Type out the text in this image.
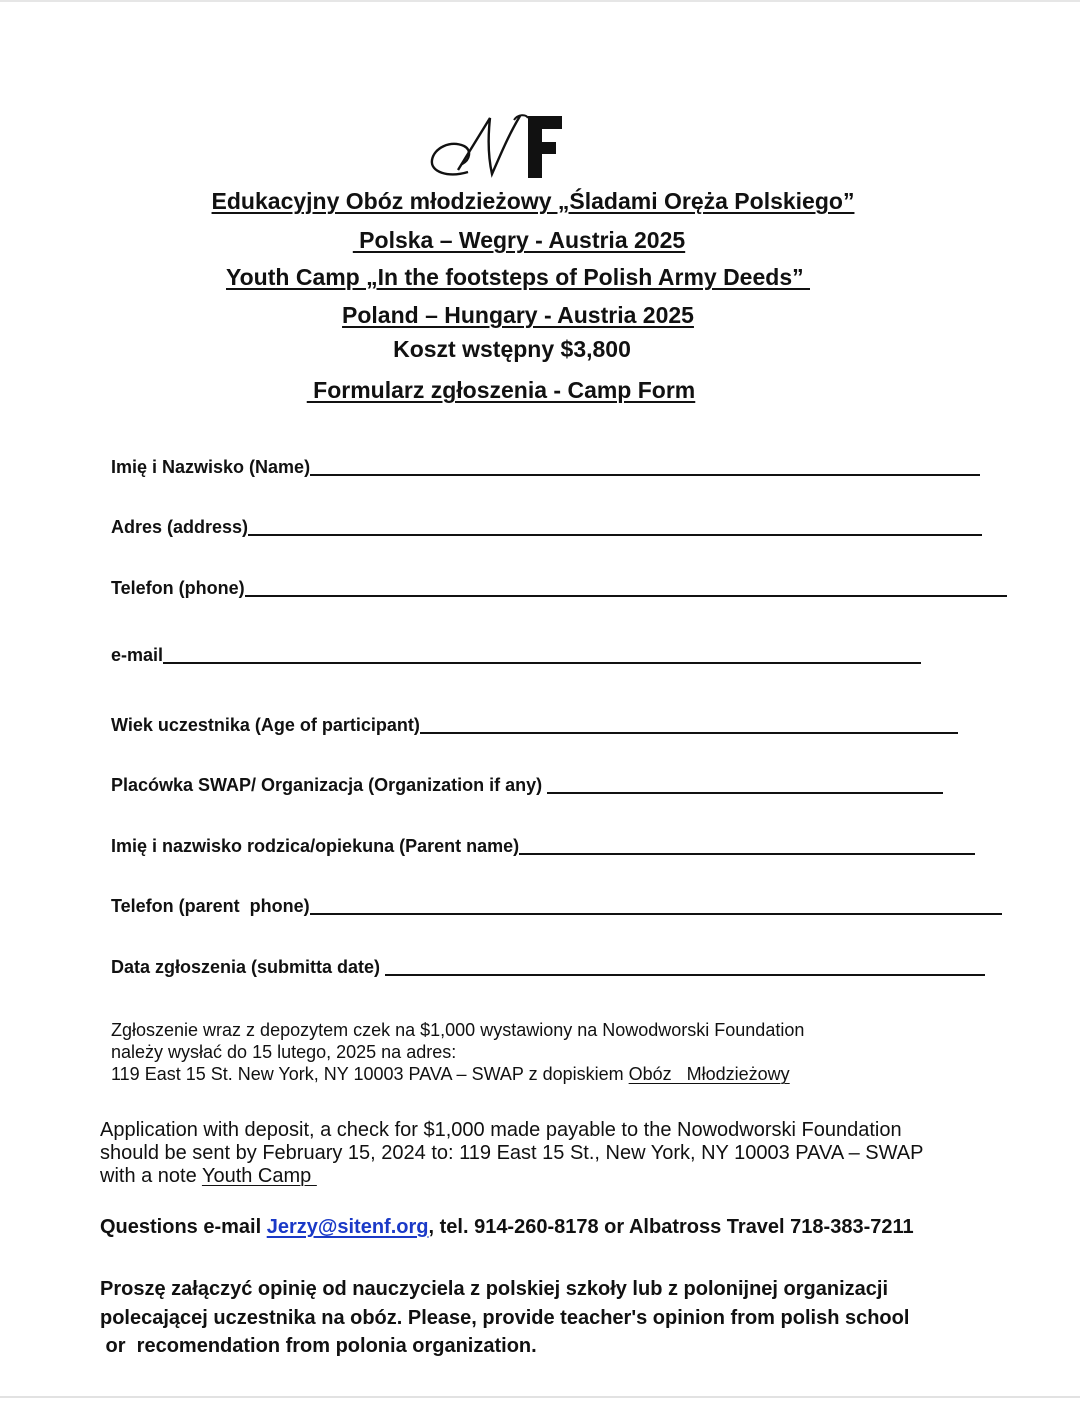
Edukacyjny Obóz młodzieżowy „Śladami Oręża Polskiego”
Polska – Wegry - Austria 2025
Youth Camp „In the footsteps of Polish Army Deeds”
Poland – Hungary - Austria 2025
Koszt wstępny $3,800
Formularz zgłoszenia - Camp Form
Imię i Nazwisko (Name)
Adres (address)
Telefon (phone)
e-mail
Wiek uczestnika (Age of participant)
Placówka SWAP/ Organizacja (Organization if any)
Imię i nazwisko rodzica/opiekuna (Parent name)
Telefon (parent  phone)
Data zgłoszenia (submitta date)
Zgłoszenie wraz z depozytem czek na $1,000 wystawiony na Nowodworski Foundation
należy wysłać do 15 lutego, 2025 na adres:
119 East 15 St. New York, NY 10003 PAVA – SWAP z dopiskiem Obóz   Młodzieżowy
Application with deposit, a check for $1,000 made payable to the Nowodworski Foundation
should be sent by February 15, 2024 to: 119 East 15 St., New York, NY 10003 PAVA – SWAP
with a note Youth Camp
Questions e-mail Jerzy@sitenf.org, tel. 914-260-8178 or Albatross Travel 718-383-7211
Proszę załączyć opinię od nauczyciela z polskiej szkoły lub z polonijnej organizacji
polecającej uczestnika na obóz. Please, provide teacher's opinion from polish school
or  recomendation from polonia organization.
